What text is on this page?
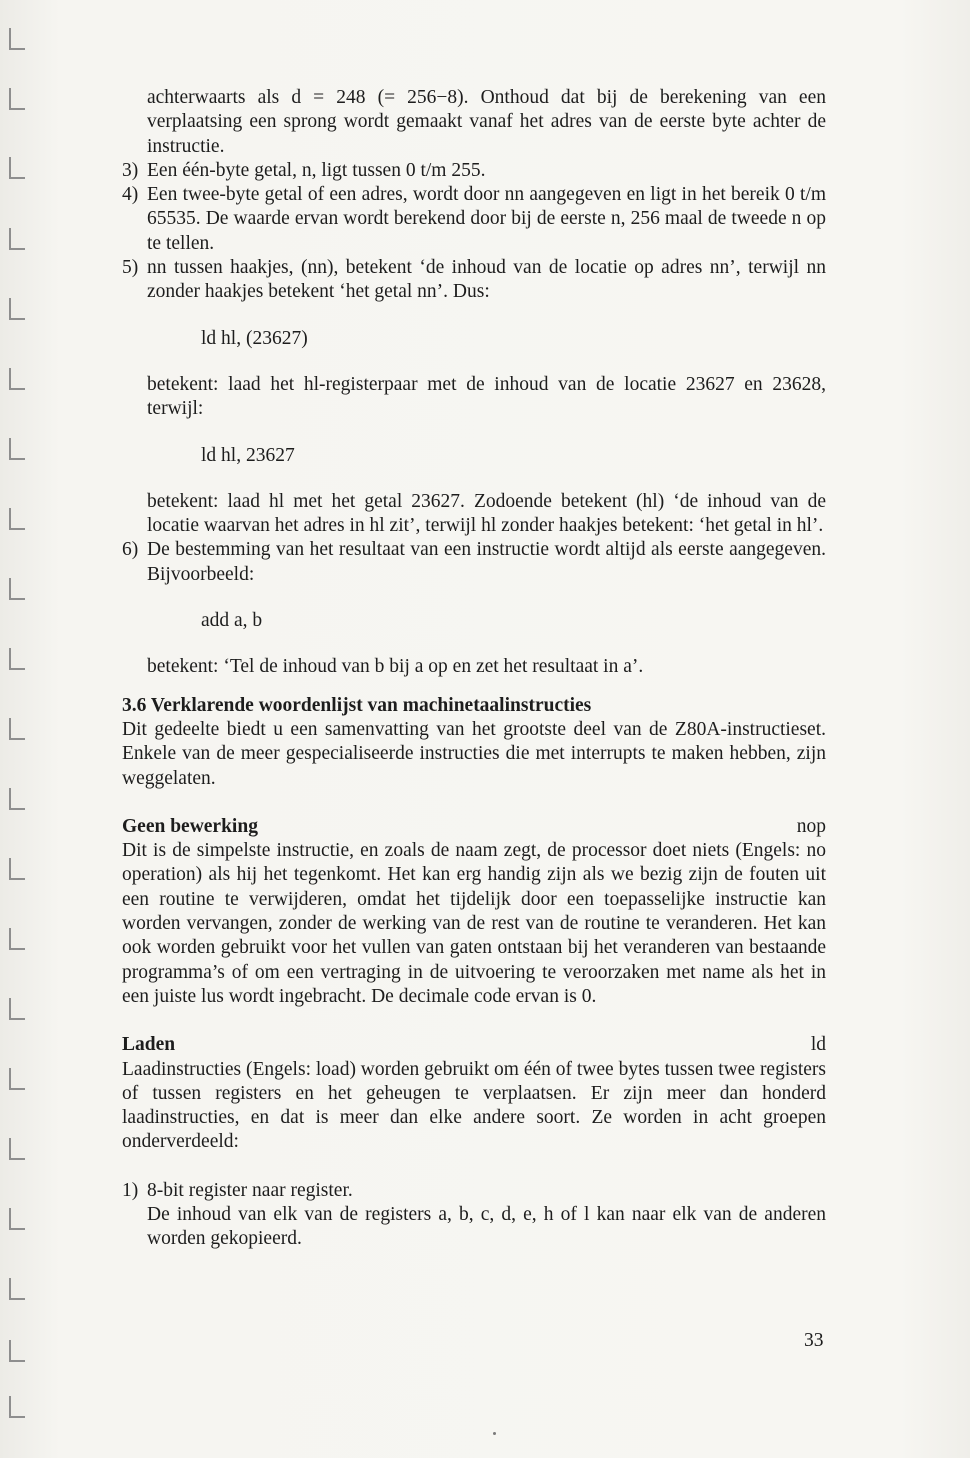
achterwaarts als d = 248 (= 256−8). Onthoud dat bij de berekening van een verplaatsing een sprong wordt gemaakt vanaf het adres van de eerste byte achter de instructie.

3) Een één-byte getal, n, ligt tussen 0 t/m 255.
4) Een twee-byte getal of een adres, wordt door nn aangegeven en ligt in het bereik 0 t/m 65535. De waarde ervan wordt berekend door bij de eerste n, 256 maal de tweede n op te tellen.
5) nn tussen haakjes, (nn), betekent ‘de inhoud van de locatie op adres nn’, terwijl nn zonder haakjes betekent ‘het getal nn’. Dus:

ld hl, (23627)

betekent: laad het hl-registerpaar met de inhoud van de locatie 23627 en 23628, terwijl:

ld hl, 23627

betekent: laad hl met het getal 23627. Zodoende betekent (hl) ‘de inhoud van de locatie waarvan het adres in hl zit’, terwijl hl zonder haakjes betekent: ‘het getal in hl’.

6) De bestemming van het resultaat van een instructie wordt altijd als eerste aangegeven. Bijvoorbeeld:

add a, b

betekent: ‘Tel de inhoud van b bij a op en zet het resultaat in a’.

3.6 Verklarende woordenlijst van machinetaalinstructies

Dit gedeelte biedt u een samenvatting van het grootste deel van de Z80A-instructieset. Enkele van de meer gespecialiseerde instructies die met interrupts te maken hebben, zijn weggelaten.

Geen bewerking	nop

Dit is de simpelste instructie, en zoals de naam zegt, de processor doet niets (Engels: no operation) als hij het tegenkomt. Het kan erg handig zijn als we bezig zijn de fouten uit een routine te verwijderen, omdat het tijdelijk door een toepasselijke instructie kan worden vervangen, zonder de werking van de rest van de routine te veranderen. Het kan ook worden gebruikt voor het vullen van gaten ontstaan bij het veranderen van bestaande programma’s of om een vertraging in de uitvoering te veroorzaken met name als het in een juiste lus wordt ingebracht. De decimale code ervan is 0.

Laden	ld

Laadinstructies (Engels: load) worden gebruikt om één of twee bytes tussen twee registers of tussen registers en het geheugen te verplaatsen. Er zijn meer dan honderd laadinstructies, en dat is meer dan elke andere soort. Ze worden in acht groepen onderverdeeld:

1) 8-bit register naar register.

De inhoud van elk van de registers a, b, c, d, e, h of l kan naar elk van de anderen worden gekopieerd.

33
